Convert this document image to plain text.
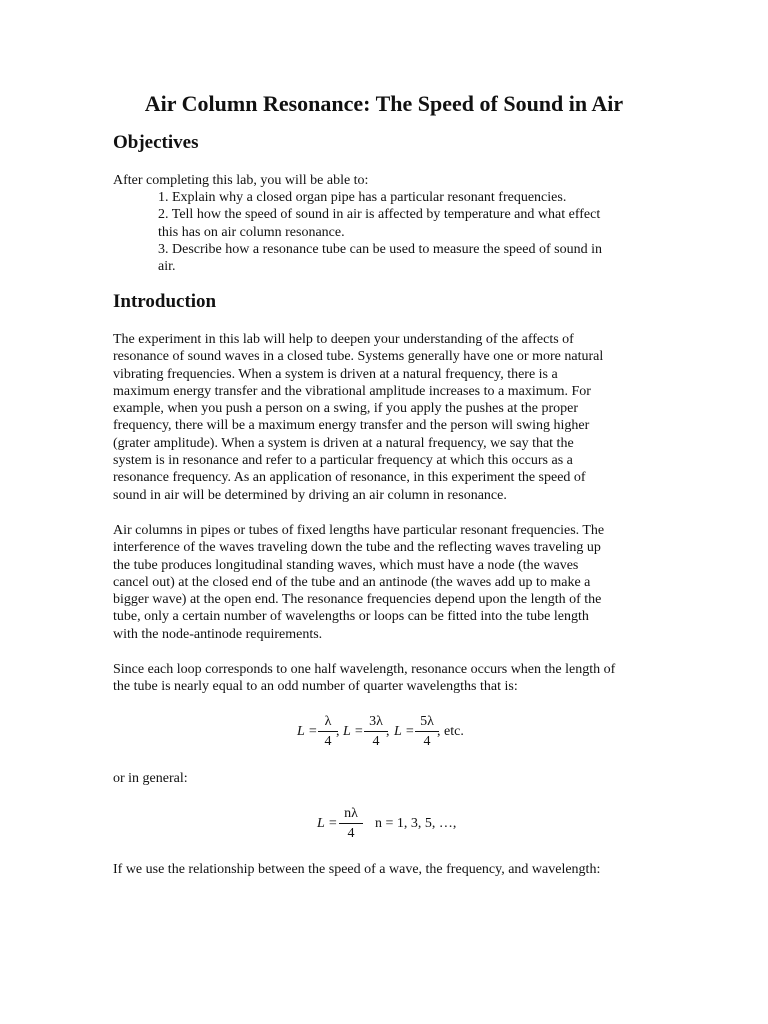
Air Column Resonance: The Speed of Sound in Air
Objectives

After completing this lab, you will be able to:

1. Explain why a closed organ pipe has a particular resonant frequencies.
2. Tell how the speed of sound in air is affected by temperature and what effect
this has on air column resonance.
3. Describe how a resonance tube can be used to measure the speed of sound in
air.
Introduction

The experiment in this lab will help to deepen your understanding of the affects of
resonance of sound waves in a closed tube. Systems generally have one or more natural
vibrating frequencies. When a system is driven at a natural frequency, there is a
maximum energy transfer and the vibrational amplitude increases to a maximum. For
example, when you push a person on a swing, if you apply the pushes at the proper
frequency, there will be a maximum energy transfer and the person will swing higher
(grater amplitude). When a system is driven at a natural frequency, we say that the
system is in resonance and refer to a particular frequency at which this occurs as a
resonance frequency. As an application of resonance, in this experiment the speed of
sound in air will be determined by driving an air column in resonance.

Air columns in pipes or tubes of fixed lengths have particular resonant frequencies. The
interference of the waves traveling down the tube and the reflecting waves traveling up
the tube produces longitudinal standing waves, which must have a node (the waves
cancel out) at the closed end of the tube and an antinode (the waves add up to make a
bigger wave) at the open end. The resonance frequencies depend upon the length of the
tube, only a certain number of wavelengths or loops can be fitted into the tube length
with the node-antinode requirements.

Since each loop corresponds to one half wavelength, resonance occurs when the length of
the tube is nearly equal to an odd number of quarter wavelengths that is:

$L = \frac{\lambda}{4}$
, $L = \frac{3\lambda}{4}$
, $L = \frac{5\lambda}{4}$
, etc.

or in general:

$L = \frac{n\lambda}{4}$ n = 1, 3, 5, …,

If we use the relationship between the speed of a wave, the frequency, and wavelength:
